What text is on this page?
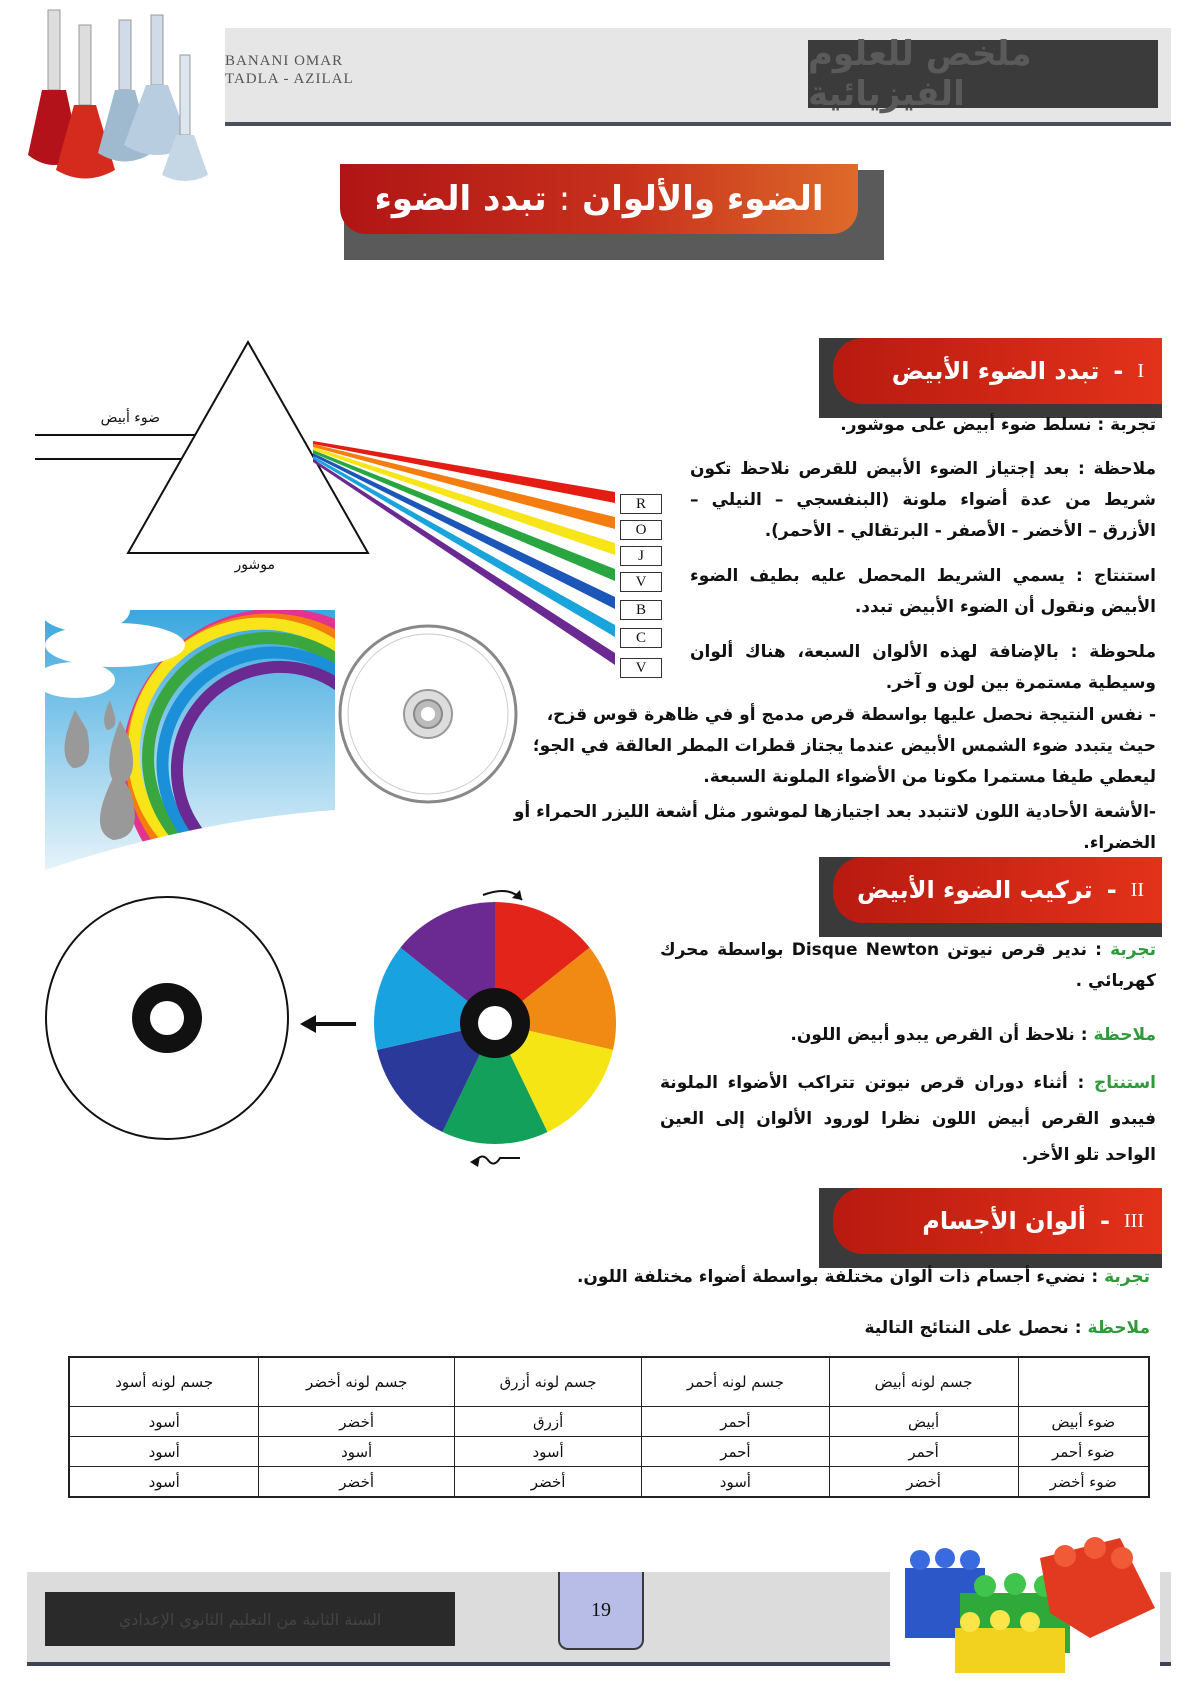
BANANI OMAR
TADLA - AZILAL
ملخص للعلوم الفيزيائية
الضوء والألوان
:
تبدد الضوء
ضوء أبيض
موشور
R
O
J
V
B
C
V
I
-
تبدد الضوء الأبيض
تجربة : نسلط ضوء أبيض على موشور.
ملاحظة : بعد إجتياز الضوء الأبيض للقرص نلاحظ تكون شريط من عدة أضواء ملونة (البنفسجي – النيلي – الأزرق – الأخضر - الأصفر - البرتقالي - الأحمر).
استنتاج : يسمي الشريط المحصل عليه بطيف الضوء الأبيض ونقول أن الضوء الأبيض تبدد.
ملحوظة : بالإضافة لهذه الألوان السبعة، هناك ألوان وسيطية مستمرة بين لون و آخر.
- نفس النتيجة نحصل عليها بواسطة قرص مدمج أو في ظاهرة قوس قزح،
حيث يتبدد ضوء الشمس الأبيض عندما يجتاز قطرات المطر العالقة في الجو؛
ليعطي طيفا مستمرا مكونا من الأضواء الملونة السبعة.
-الأشعة الأحادية اللون لاتتبدد بعد اجتيازها لموشور مثل أشعة الليزر الحمراء أو الخضراء.
II
-
تركيب الضوء الأبيض
تجربة : ندير قرص نيوتن Disque Newton بواسطة محرك كهربائي .
ملاحظة : نلاحظ أن القرص يبدو أبيض اللون.
استنتاج : أثناء دوران قرص نيوتن تتراكب الأضواء الملونة فيبدو القرص أبيض اللون نظرا لورود الألوان إلى العين الواحد تلو الأخر.
III
-
ألوان الأجسام
تجربة : نضيء أجسام ذات ألوان مختلفة بواسطة أضواء مختلفة اللون.
ملاحظة : نحصل على النتائج التالية
	جسم لونه أبيض	جسم لونه أحمر	جسم لونه أزرق	جسم لونه أخضر	جسم لونه أسود
ضوء أبيض	أبيض	أحمر	أزرق	أخضر	أسود
ضوء أحمر	أحمر	أحمر	أسود	أسود	أسود
ضوء أخضر	أخضر	أسود	أخضر	أخضر	أسود
السنة الثانية من التعليم الثانوي الإعدادي	19
